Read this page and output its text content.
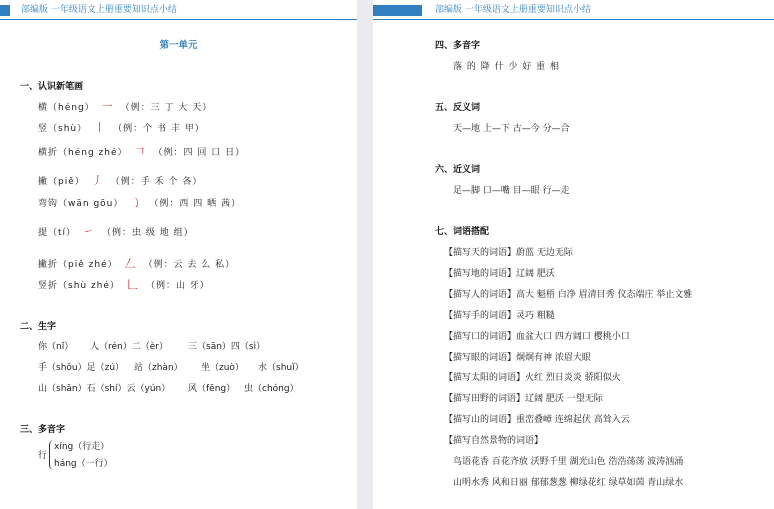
部编版 一年级语文上册重要知识点小结
第一单元
一、认识新笔画
横（héng） 一 （例：三 丁 大 天）
竖（shù） 丨 （例：个 书 丰 甲）
横折（héng zhé） 𠃍 （例：四 回 口 日）
撇（piě） 丿 （例：手 禾 个 各）
弯钩（wān gōu） ㇁ （例：西 四 晒 茜）
提（tí） ㇀ （例：虫 级 地 组）
撇折（piě zhé） 𠃋 （例：云 去 么 私）
竖折（shù zhé） 𠃊 （例：山 牙）
二、生字
你（nǐ） 人（rén）二（èr） 三（sān）四（sì）
手（shǒu）足（zú） 站（zhàn） 坐（zuò） 水（shuǐ）
山（shān）石（shí）云（yún） 风（fēng） 虫（chóng）
三、多音字
行
xíng（行走）
háng（一行）
部编版 一年级语文上册重要知识点小结
四、多音字
落 的 降 什 少 好 重 相
五、反义词
天—地 上—下 古—今 分—合
六、近义词
足—脚 口—嘴 目—眼 行—走
七、词语搭配
【描写天的词语】蔚蓝 无边无际
【描写地的词语】辽阔 肥沃
【描写人的词语】高大 魁梧 白净 眉清目秀 仪态端庄 举止文雅
【描写手的词语】灵巧 粗糙
【描写口的词语】血盆大口 四方阔口 樱桃小口
【描写眼的词语】炯炯有神 浓眉大眼
【描写太阳的词语】火红 烈日炎炎 骄阳似火
【描写田野的词语】辽阔 肥沃 一望无际
【描写山的词语】重峦叠嶂 连绵起伏 高耸入云
【描写自然景物的词语】
鸟语花香 百花齐放 沃野千里 湖光山色 浩浩荡荡 波涛汹涌
山明水秀 风和日丽 郁郁葱葱 柳绿花红 绿草如茵 青山绿水
